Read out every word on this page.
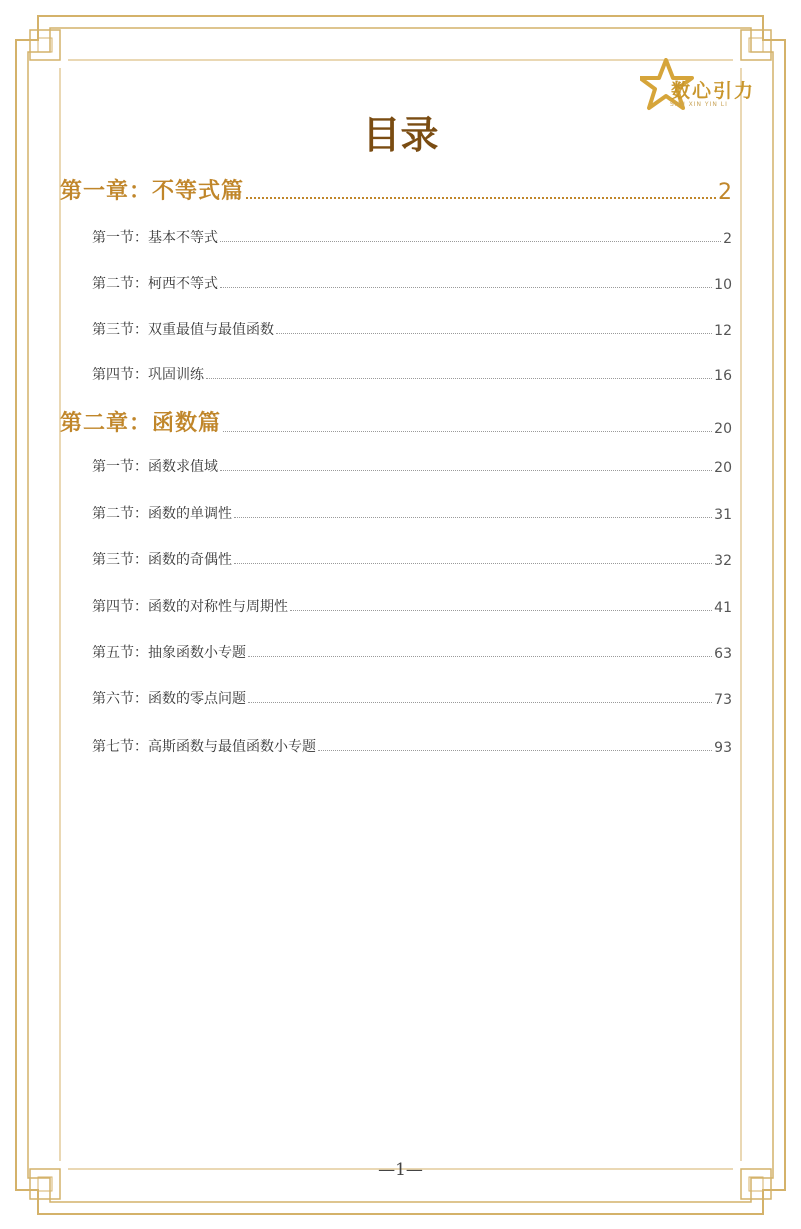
数心引力
SHU XIN YIN LI
目录
第一章：不等式篇	2
第一节：基本不等式	2
第二节：柯西不等式	10
第三节：双重最值与最值函数	12
第四节：巩固训练	16
第二章：函数篇	20
第一节：函数求值域	20
第二节：函数的单调性	31
第三节：函数的奇偶性	32
第四节：函数的对称性与周期性	41
第五节：抽象函数小专题	63
第六节：函数的零点问题	73
第七节：高斯函数与最值函数小专题	93
—1—
